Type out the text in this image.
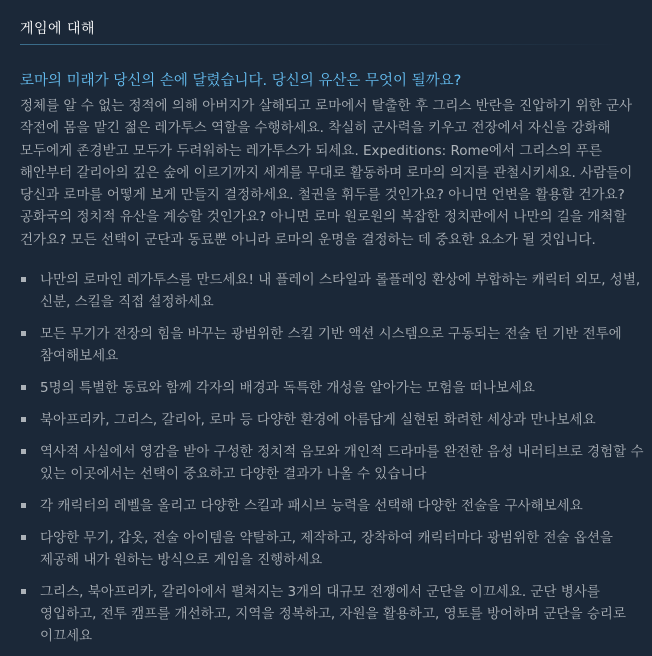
게임에 대해
로마의 미래가 당신의 손에 달렸습니다. 당신의 유산은 무엇이 될까요?

정체를 알 수 없는 정적에 의해 아버지가 살해되고 로마에서 탈출한 후 그리스 반란을 진압하기 위한 군사 작전에 몸을 맡긴 젊은 레가투스 역할을 수행하세요. 착실히 군사력을 키우고 전장에서 자신을 강화해 모두에게 존경받고 모두가 두려워하는 레가투스가 되세요. Expeditions: Rome에서 그리스의 푸른 해안부터 갈리아의 깊은 숲에 이르기까지 세계를 무대로 활동하며 로마의 의지를 관철시키세요. 사람들이 당신과 로마를 어떻게 보게 만들지 결정하세요. 철권을 휘두를 것인가요? 아니면 언변을 활용할 건가요? 공화국의 정치적 유산을 계승할 것인가요? 아니면 로마 원로원의 복잡한 정치판에서 나만의 길을 개척할 건가요? 모든 선택이 군단과 동료뿐 아니라 로마의 운명을 결정하는 데 중요한 요소가 될 것입니다.

나만의 로마인 레가투스를 만드세요! 내 플레이 스타일과 롤플레잉 환상에 부합하는 캐릭터 외모, 성별, 신분, 스킬을 직접 설정하세요
모든 무기가 전장의 힘을 바꾸는 광범위한 스킬 기반 액션 시스템으로 구동되는 전술 턴 기반 전투에 참여해보세요
5명의 특별한 동료와 함께 각자의 배경과 독특한 개성을 알아가는 모험을 떠나보세요
북아프리카, 그리스, 갈리아, 로마 등 다양한 환경에 아름답게 실현된 화려한 세상과 만나보세요
역사적 사실에서 영감을 받아 구성한 정치적 음모와 개인적 드라마를 완전한 음성 내러티브로 경험할 수 있는 이곳에서는 선택이 중요하고 다양한 결과가 나올 수 있습니다
각 캐릭터의 레벨을 올리고 다양한 스킬과 패시브 능력을 선택해 다양한 전술을 구사해보세요
다양한 무기, 갑옷, 전술 아이템을 약탈하고, 제작하고, 장착하여 캐릭터마다 광범위한 전술 옵션을 제공해 내가 원하는 방식으로 게임을 진행하세요
그리스, 북아프리카, 갈리아에서 펼쳐지는 3개의 대규모 전쟁에서 군단을 이끄세요. 군단 병사를 영입하고, 전투 캠프를 개선하고, 지역을 정복하고, 자원을 활용하고, 영토를 방어하며 군단을 승리로 이끄세요
